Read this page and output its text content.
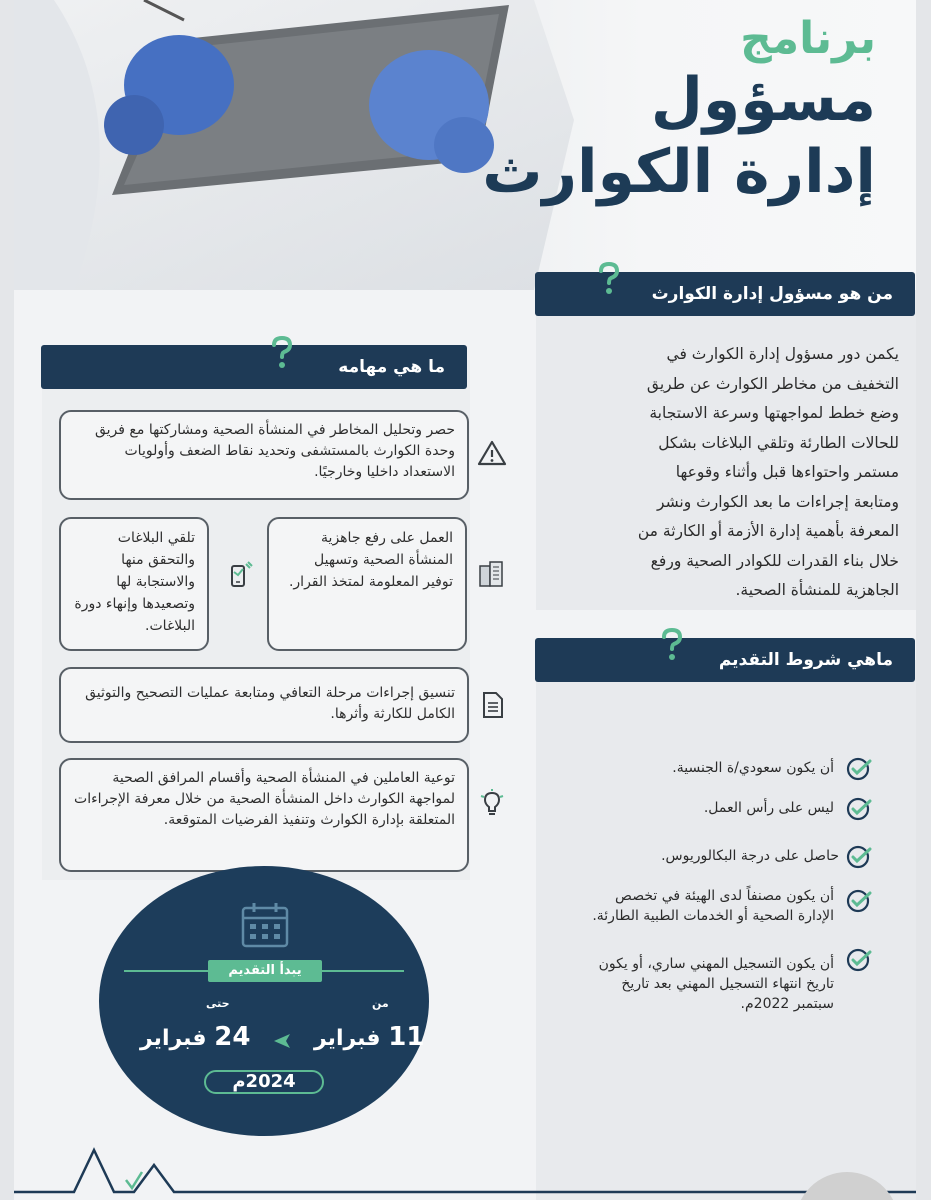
برنامج
مسؤول
إدارة الكوارث
من هو مسؤول إدارة الكوارث
يكمن دور مسؤول إدارة الكوارث في
التخفيف من مخاطر الكوارث عن طريق
وضع خطط لمواجهتها وسرعة الاستجابة
للحالات الطارئة وتلقي البلاغات بشكل
مستمر واحتواءها قبل وأثناء وقوعها
ومتابعة إجراءات ما بعد الكوارث ونشر
المعرفة بأهمية إدارة الأزمة أو الكارثة من
خلال بناء القدرات للكوادر الصحية ورفع
الجاهزية للمنشأة الصحية.
ماهي شروط التقديم
أن يكون سعودي/ة الجنسية.
ليس على رأس العمل.
حاصل على درجة البكالوريوس.
أن يكون مصنفاً لدى الهيئة في تخصص
الإدارة الصحية أو الخدمات الطبية الطارئة.
أن يكون التسجيل المهني ساري، أو يكون
تاريخ انتهاء التسجيل المهني بعد تاريخ
سبتمبر 2022م.
ما هي مهامه
حصر وتحليل المخاطر في المنشأة الصحية ومشاركتها مع فريق وحدة الكوارث بالمستشفى وتحديد نقاط الضعف وأولويات الاستعداد داخليا وخارجيًا.
العمل على رفع جاهزية المنشأة الصحية وتسهيل توفير المعلومة لمتخذ القرار.
تلقي البلاغات والتحقق منها والاستجابة لها وتصعيدها وإنهاء دورة البلاغات.
تنسيق إجراءات مرحلة التعافي ومتابعة عمليات التصحيح والتوثيق الكامل للكارثة وأثرها.
توعية العاملين في المنشأة الصحية وأقسام المرافق الصحية لمواجهة الكوارث داخل المنشأة الصحية من خلال معرفة الإجراءات المتعلقة بإدارة الكوارث وتنفيذ الفرضيات المتوقعة.
يبدأ التقديم
من
11 فبراير
حتى
24 فبراير
2024م
